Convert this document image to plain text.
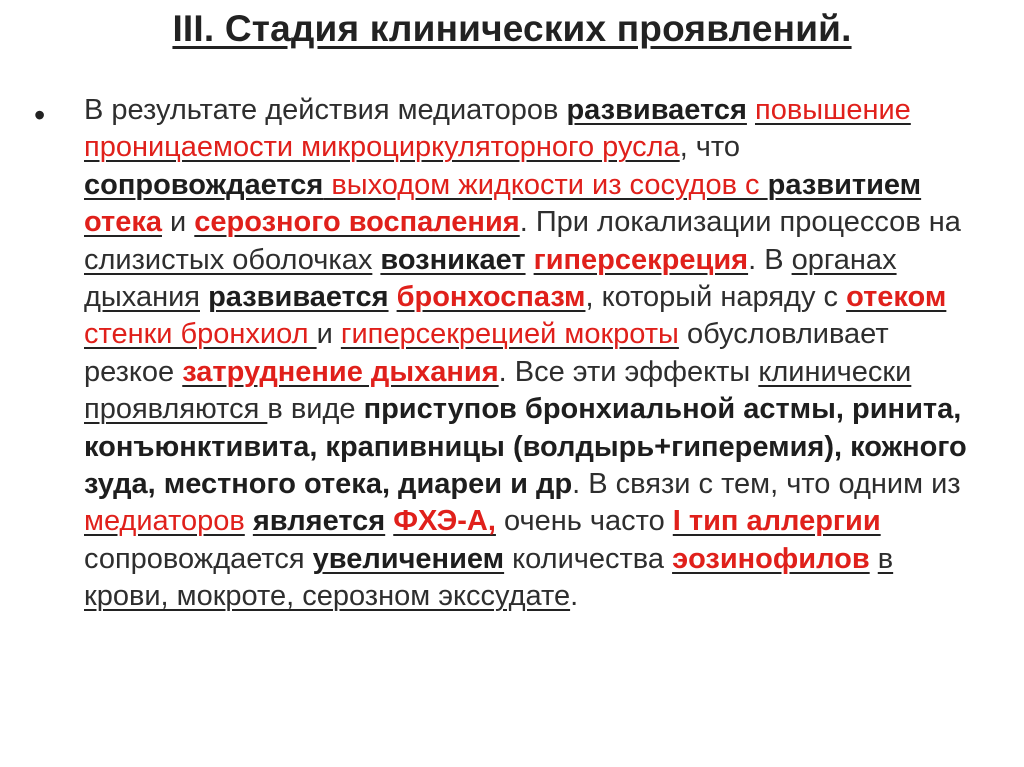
III. Стадия клинических проявлений.
• В результате действия медиаторов развивается повышение проницаемости микроциркуляторного русла, что сопровождается выходом жидкости из сосудов с развитием отека и серозного воспаления. При локализации процессов на слизистых оболочках возникает гиперсекреция. В органах дыхания развивается бронхоспазм, который наряду с отеком стенки бронхиол и гиперсекрецией мокроты обусловливает резкое затруднение дыхания. Все эти эффекты клинически проявляются в виде приступов бронхиальной астмы, ринита, конъюнктивита, крапивницы (волдырь+гиперемия), кожного зуда, местного отека, диареи и др. В связи с тем, что одним из медиаторов является ФХЭ-А, очень часто I тип аллергии сопровождается увеличением количества эозинофилов в крови, мокроте, серозном экссудате.
